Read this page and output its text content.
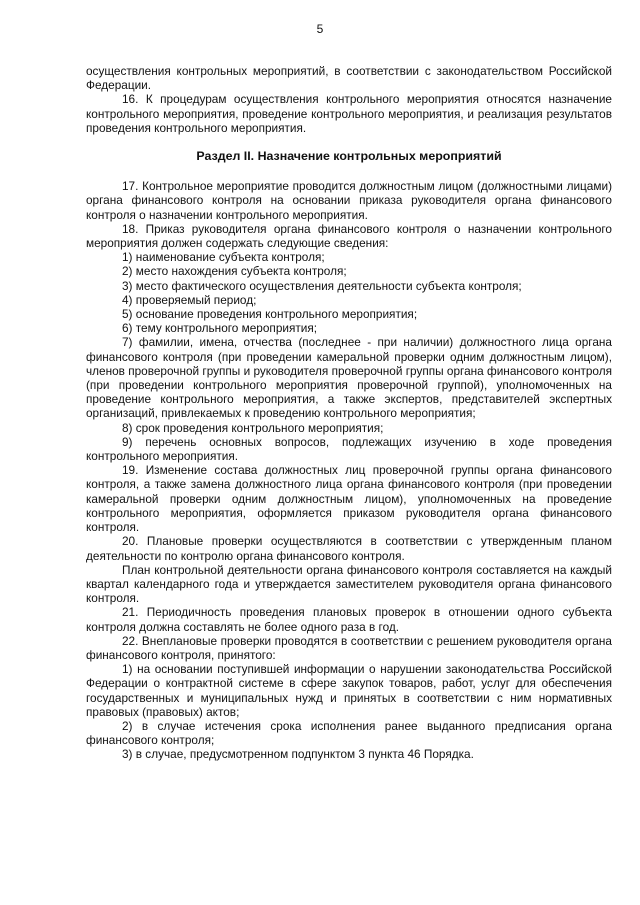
5

осуществления контрольных мероприятий, в соответствии с законодательством Российской Федерации.

16. К процедурам осуществления контрольного мероприятия относятся назначение контрольного мероприятия, проведение контрольного мероприятия, и реализация результатов проведения контрольного мероприятия.

Раздел II. Назначение контрольных мероприятий

17. Контрольное мероприятие проводится должностным лицом (должностными лицами) органа финансового контроля на основании приказа руководителя органа финансового контроля о назначении контрольного мероприятия.

18. Приказ руководителя органа финансового контроля о назначении контрольного мероприятия должен содержать следующие сведения:

1) наименование субъекта контроля;

2) место нахождения субъекта контроля;

3) место фактического осуществления деятельности субъекта контроля;

4) проверяемый период;

5) основание проведения контрольного мероприятия;

6) тему контрольного мероприятия;

7) фамилии, имена, отчества (последнее - при наличии) должностного лица органа финансового контроля (при проведении камеральной проверки одним должностным лицом), членов проверочной группы и руководителя проверочной группы органа финансового контроля (при проведении контрольного мероприятия проверочной группой), уполномоченных на проведение контрольного мероприятия, а также экспертов, представителей экспертных организаций, привлекаемых к проведению контрольного мероприятия;

8) срок проведения контрольного мероприятия;

9) перечень основных вопросов, подлежащих изучению в ходе проведения контрольного мероприятия.

19. Изменение состава должностных лиц проверочной группы органа финансового контроля, а также замена должностного лица органа финансового контроля (при проведении камеральной проверки одним должностным лицом), уполномоченных на проведение контрольного мероприятия, оформляется приказом руководителя органа финансового контроля.

20. Плановые проверки осуществляются в соответствии с утвержденным планом деятельности по контролю органа финансового контроля.

План контрольной деятельности органа финансового контроля составляется на каждый квартал календарного года и утверждается заместителем руководителя органа финансового контроля.

21. Периодичность проведения плановых проверок в отношении одного субъекта контроля должна составлять не более одного раза в год.

22. Внеплановые проверки проводятся в соответствии с решением руководителя органа финансового контроля, принятого:

1) на основании поступившей информации о нарушении законодательства Российской Федерации о контрактной системе в сфере закупок товаров, работ, услуг для обеспечения государственных и муниципальных нужд и принятых в соответствии с ним нормативных правовых (правовых) актов;

2) в случае истечения срока исполнения ранее выданного предписания органа финансового контроля;

3) в случае, предусмотренном подпунктом 3 пункта 46 Порядка.
